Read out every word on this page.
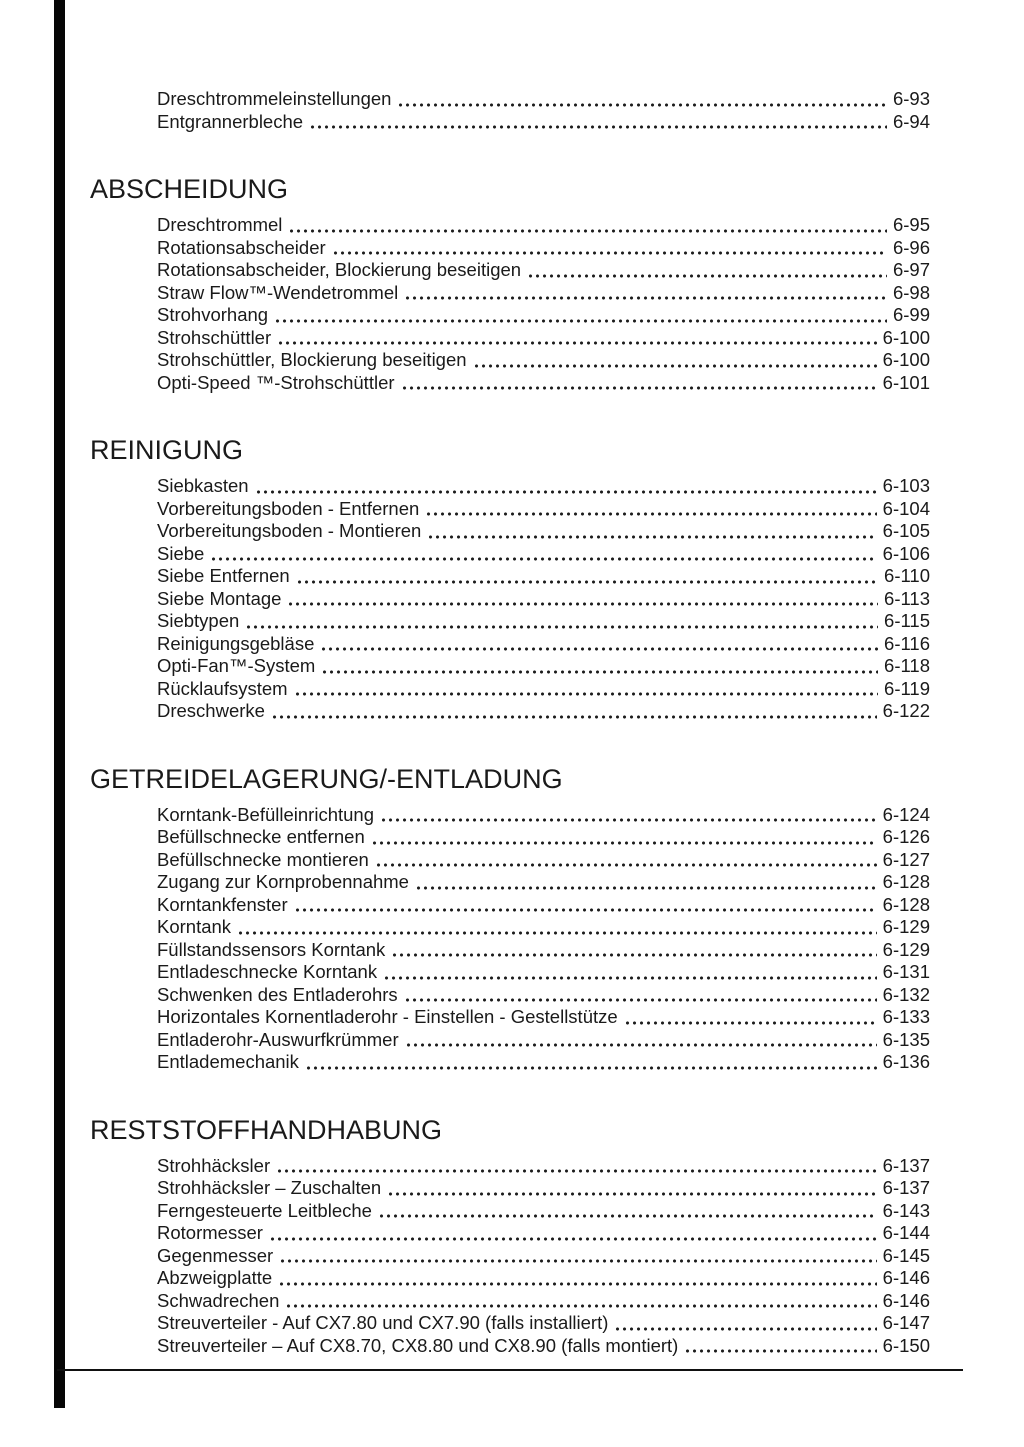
Dreschtrommeleinstellungen	6-93
Entgrannerbleche	6-94
ABSCHEIDUNG
Dreschtrommel	6-95
Rotationsabscheider	6-96
Rotationsabscheider, Blockierung beseitigen	6-97
Straw Flow™-Wendetrommel	6-98
Strohvorhang	6-99
Strohschüttler	6-100
Strohschüttler, Blockierung beseitigen	6-100
Opti-Speed ™-Strohschüttler	6-101
REINIGUNG
Siebkasten	6-103
Vorbereitungsboden - Entfernen	6-104
Vorbereitungsboden - Montieren	6-105
Siebe	6-106
Siebe Entfernen	6-110
Siebe Montage	6-113
Siebtypen	6-115
Reinigungsgebläse	6-116
Opti-Fan™-System	6-118
Rücklaufsystem	6-119
Dreschwerke	6-122
GETREIDELAGERUNG/-ENTLADUNG
Korntank-Befülleinrichtung	6-124
Befüllschnecke entfernen	6-126
Befüllschnecke montieren	6-127
Zugang zur Kornprobennahme	6-128
Korntankfenster	6-128
Korntank	6-129
Füllstandssensors Korntank	6-129
Entladeschnecke Korntank	6-131
Schwenken des Entladerohrs	6-132
Horizontales Kornentladerohr - Einstellen - Gestellstütze	6-133
Entladerohr-Auswurfkrümmer	6-135
Entlademechanik	6-136
RESTSTOFFHANDHABUNG
Strohhäcksler	6-137
Strohhäcksler – Zuschalten	6-137
Ferngesteuerte Leitbleche	6-143
Rotormesser	6-144
Gegenmesser	6-145
Abzweigplatte	6-146
Schwadrechen	6-146
Streuverteiler - Auf CX7.80 und CX7.90 (falls installiert)	6-147
Streuverteiler – Auf CX8.70, CX8.80 und CX8.90 (falls montiert)	6-150
